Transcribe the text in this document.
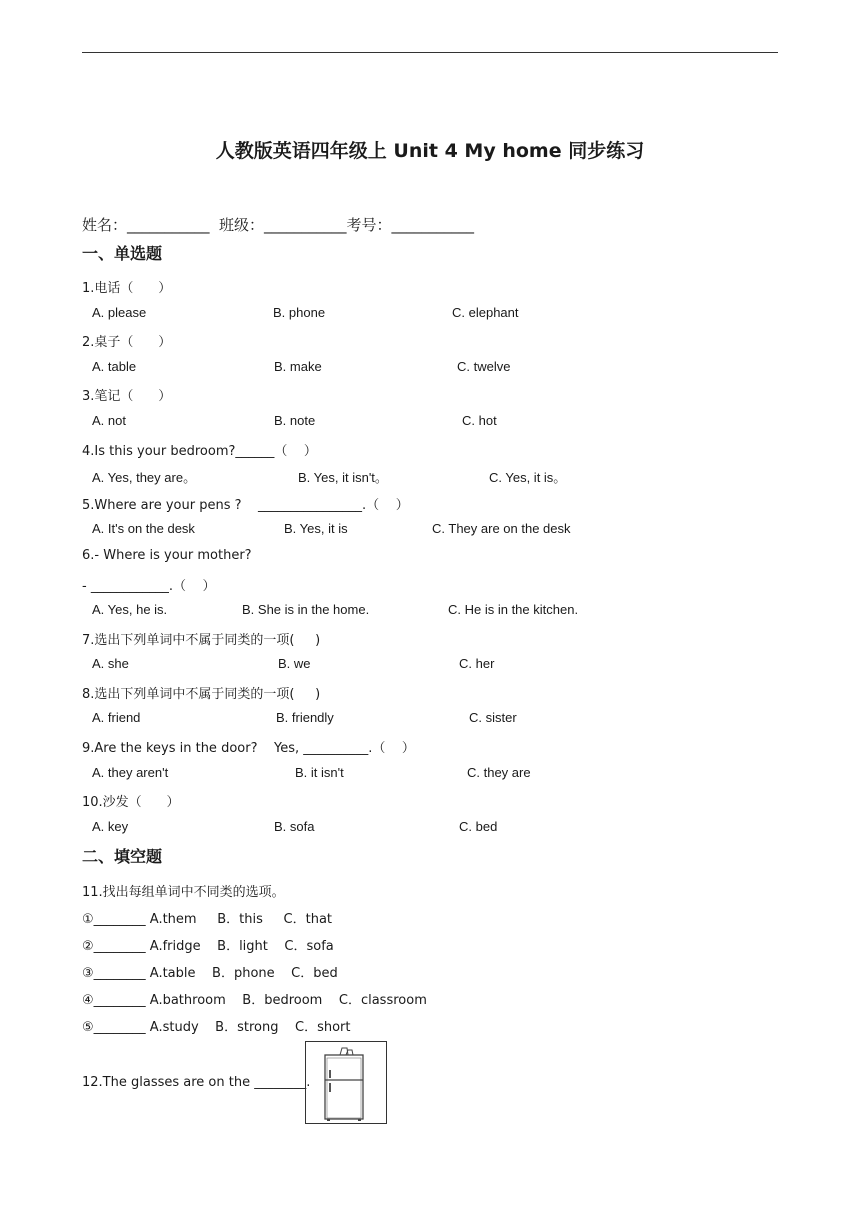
人教版英语四年级上 Unit 4 My home 同步练习
姓名：___________  班级：___________考号：___________
一、单选题
1.电话（      ）
A. please	B. phone	C. elephant
2.桌子（      ）
A. table	B. make	C. twelve
3.笔记（      ）
A. not	B. note	C. hot
4.Is this your bedroom?______（    ）
A. Yes, they are。	B. Yes, it isn't。	C. Yes, it is。
5.Where are your pens ?    ________________.（    ）
A. It's on the desk	B. Yes, it is	C. They are on the desk
6.- Where is your mother?
- ____________.（    ）
A. Yes, he is.	B. She is in the home.	C. He is in the kitchen.
7.选出下列单词中不属于同类的一项(     )
A. she	B. we	C. her
8.选出下列单词中不属于同类的一项(     )
A. friend	B. friendly	C. sister
9.Are the keys in the door?    Yes, __________.（    ）
A. they aren't	B. it isn't	C. they are
10.沙发（      ）
A. key	B. sofa	C. bed
二、填空题
11.找出每组单词中不同类的选项。
①________ A.them     B．this     C．that
②________ A.fridge    B．light    C．sofa
③________ A.table    B．phone    C．bed
④________ A.bathroom    B．bedroom    C．classroom
⑤________ A.study    B．strong    C．short
12.The glasses are on the ________.
